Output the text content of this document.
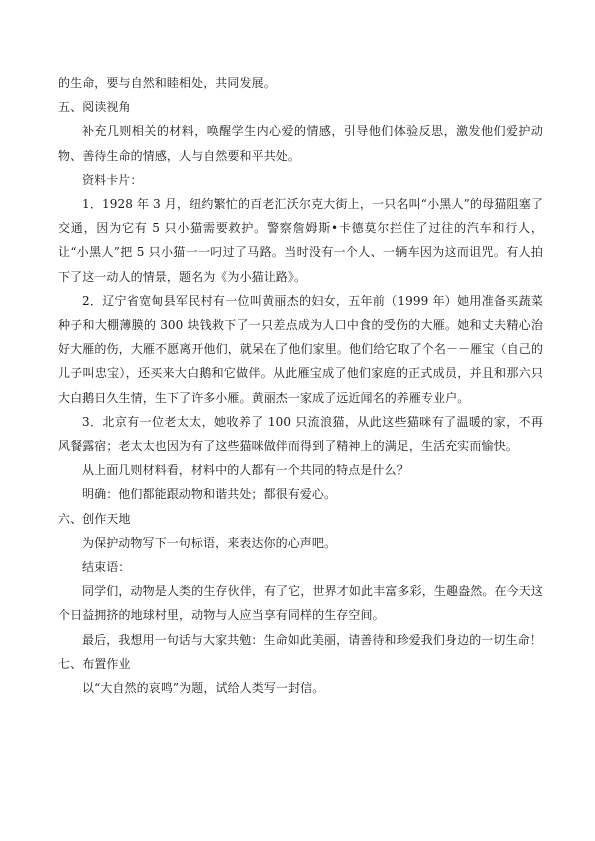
的生命，要与自然和睦相处，共同发展。

五、阅读视角

补充几则相关的材料，唤醒学生内心爱的情感，引导他们体验反思，激发他们爱护动物、善待生命的情感，人与自然要和平共处。

资料卡片：

1．1928 年 3 月，纽约繁忙的百老汇沃尔克大街上，一只名叫“小黑人”的母猫阻塞了交通，因为它有 5 只小猫需要救护。警察詹姆斯•卡德莫尔拦住了过往的汽车和行人，让“小黑人”把 5 只小猫一一叼过了马路。当时没有一个人、一辆车因为这而诅咒。有人拍下了这一动人的情景，题名为《为小猫让路》。

2．辽宁省宽甸县军民村有一位叫黄丽杰的妇女，五年前（1999 年）她用准备买蔬菜种子和大棚薄膜的 300 块钱救下了一只差点成为人口中食的受伤的大雁。她和丈夫精心治好大雁的伤，大雁不愿离开他们，就呆在了他们家里。他们给它取了个名－－雁宝（自己的儿子叫忠宝），还买来大白鹅和它做伴。从此雁宝成了他们家庭的正式成员，并且和那六只大白鹅日久生情，生下了许多小雁。黄丽杰一家成了远近闻名的养雁专业户。

3．北京有一位老太太，她收养了 100 只流浪猫，从此这些猫咪有了温暖的家，不再风餐露宿；老太太也因为有了这些猫咪做伴而得到了精神上的满足，生活充实而愉快。

从上面几则材料看，材料中的人都有一个共同的特点是什么？

明确：他们都能跟动物和谐共处；都很有爱心。

六、创作天地

为保护动物写下一句标语，来表达你的心声吧。

结束语：

同学们，动物是人类的生存伙伴，有了它，世界才如此丰富多彩，生趣盎然。在今天这个日益拥挤的地球村里，动物与人应当享有同样的生存空间。

最后，我想用一句话与大家共勉：生命如此美丽，请善待和珍爱我们身边的一切生命！

七、布置作业

以“大自然的哀鸣”为题，试给人类写一封信。
